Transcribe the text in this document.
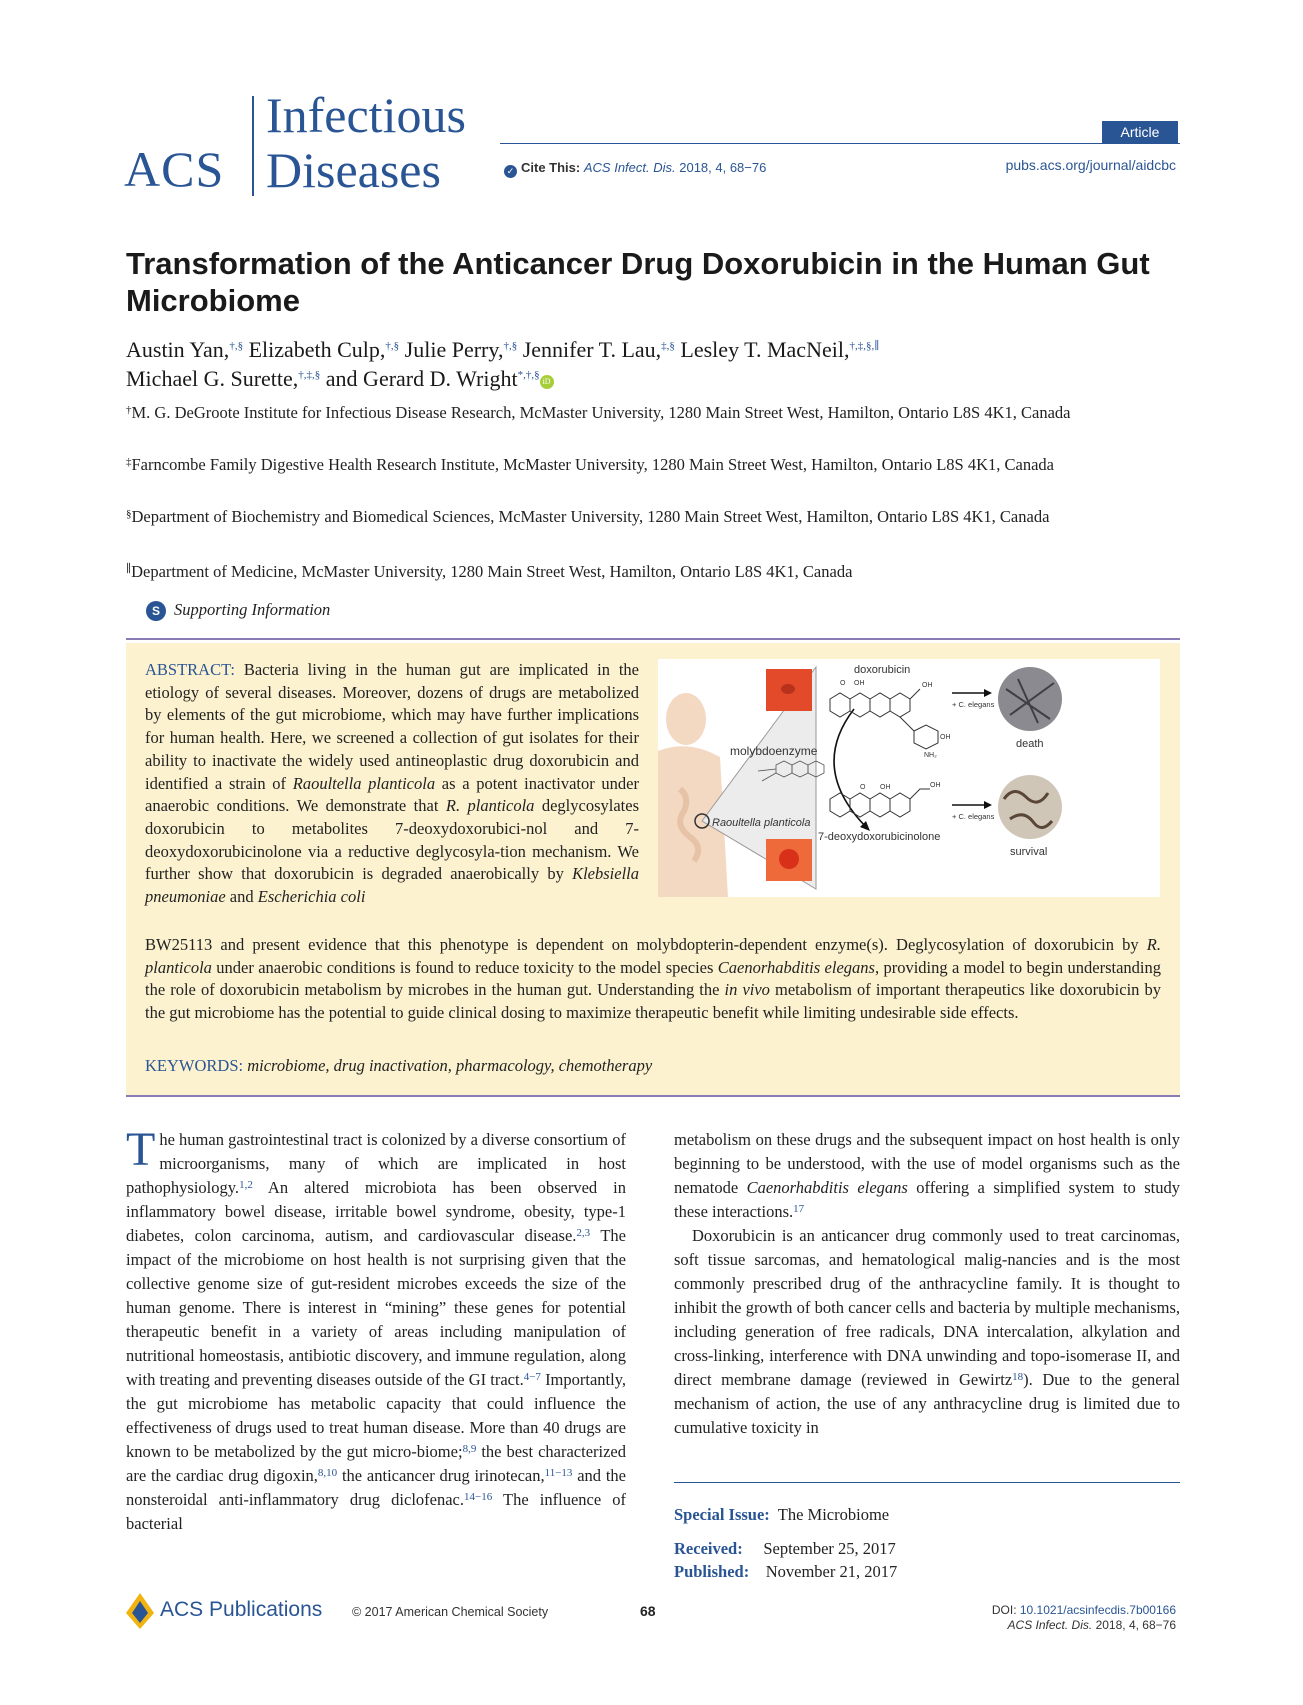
ACS
Infectious
Diseases
Article
✓ Cite This: ACS Infect. Dis. 2018, 4, 68−76	pubs.acs.org/journal/aidcbc
Transformation of the Anticancer Drug Doxorubicin in the Human Gut Microbiome
Austin Yan,†,§ Elizabeth Culp,†,§ Julie Perry,†,§ Jennifer T. Lau,‡,§ Lesley T. MacNeil,†,‡,§,∥
Michael G. Surette,†,‡,§ and Gerard D. Wright*,†,§iD
†M. G. DeGroote Institute for Infectious Disease Research, McMaster University, 1280 Main Street West, Hamilton, Ontario L8S 4K1, Canada
‡Farncombe Family Digestive Health Research Institute, McMaster University, 1280 Main Street West, Hamilton, Ontario L8S 4K1, Canada
§Department of Biochemistry and Biomedical Sciences, McMaster University, 1280 Main Street West, Hamilton, Ontario L8S 4K1, Canada
∥Department of Medicine, McMaster University, 1280 Main Street West, Hamilton, Ontario L8S 4K1, Canada
S Supporting Information
ABSTRACT: Bacteria living in the human gut are implicated in the etiology of several diseases. Moreover, dozens of drugs are metabolized by elements of the gut microbiome, which may have further implications for human health. Here, we screened a collection of gut isolates for their ability to inactivate the widely used antineoplastic drug doxorubicin and identified a strain of Raoultella planticola as a potent inactivator under anaerobic conditions. We demonstrate that R. planticola deglycosylates doxorubicin to metabolites 7-deoxydoxorubici-nol and 7-deoxydoxorubicinolone via a reductive deglycosyla-tion mechanism. We further show that doxorubicin is degraded anaerobically by Klebsiella pneumoniae and Escherichia coli
BW25113 and present evidence that this phenotype is dependent on molybdopterin-dependent enzyme(s). Deglycosylation of doxorubicin by R. planticola under anaerobic conditions is found to reduce toxicity to the model species Caenorhabditis elegans, providing a model to begin understanding the role of doxorubicin metabolism by microbes in the human gut. Understanding the in vivo metabolism of important therapeutics like doxorubicin by the gut microbiome has the potential to guide clinical dosing to maximize therapeutic benefit while limiting undesirable side effects.
KEYWORDS: microbiome, drug inactivation, pharmacology, chemotherapy
Raoultella planticola
molybdoenzyme
doxorubicin
OH	OH
OH
NH₂
O
OH	OH
O
7-deoxydoxorubicinolone
+ C. elegans
+ C. elegans
death
survival

The human gastrointestinal tract is colonized by a diverse consortium of microorganisms, many of which are implicated in host pathophysiology.$^{1,2}$ An altered microbiota has been observed in inflammatory bowel disease, irritable bowel syndrome, obesity, type-1 diabetes, colon carcinoma, autism, and cardiovascular disease.$^{2,3}$ The impact of the microbiome on host health is not surprising given that the collective genome size of gut-resident microbes exceeds the size of the human genome. There is interest in “mining” these genes for potential therapeutic benefit in a variety of areas including manipulation of nutritional homeostasis, antibiotic discovery, and immune regulation, along with treating and preventing diseases outside of the GI tract.$^{4-7}$ Importantly, the gut microbiome has metabolic capacity that could influence the effectiveness of drugs used to treat human disease. More than 40 drugs are known to be metabolized by the gut micro-biome;$^{8,9}$ the best characterized are the cardiac drug digoxin,$^{8,10}$ the anticancer drug irinotecan,$^{11-13}$ and the nonsteroidal anti-inflammatory drug diclofenac.$^{14-16}$ The influence of bacterial

metabolism on these drugs and the subsequent impact on host health is only beginning to be understood, with the use of model organisms such as the nematode Caenorhabditis elegans offering a simplified system to study these interactions.$^{17}$

Doxorubicin is an anticancer drug commonly used to treat carcinomas, soft tissue sarcomas, and hematological malig-nancies and is the most commonly prescribed drug of the anthracycline family. It is thought to inhibit the growth of both cancer cells and bacteria by multiple mechanisms, including generation of free radicals, DNA intercalation, alkylation and cross-linking, interference with DNA unwinding and topo-isomerase II, and direct membrane damage (reviewed in Gewirtz$^{18}$). Due to the general mechanism of action, the use of any anthracycline drug is limited due to cumulative toxicity in

Special Issue: The Microbiome
Received: September 25, 2017
Published: November 21, 2017
ACS Publications © 2017 American Chemical Society	68	DOI: 10.1021/acsinfecdis.7b00166
ACS Infect. Dis. 2018, 4, 68−76
